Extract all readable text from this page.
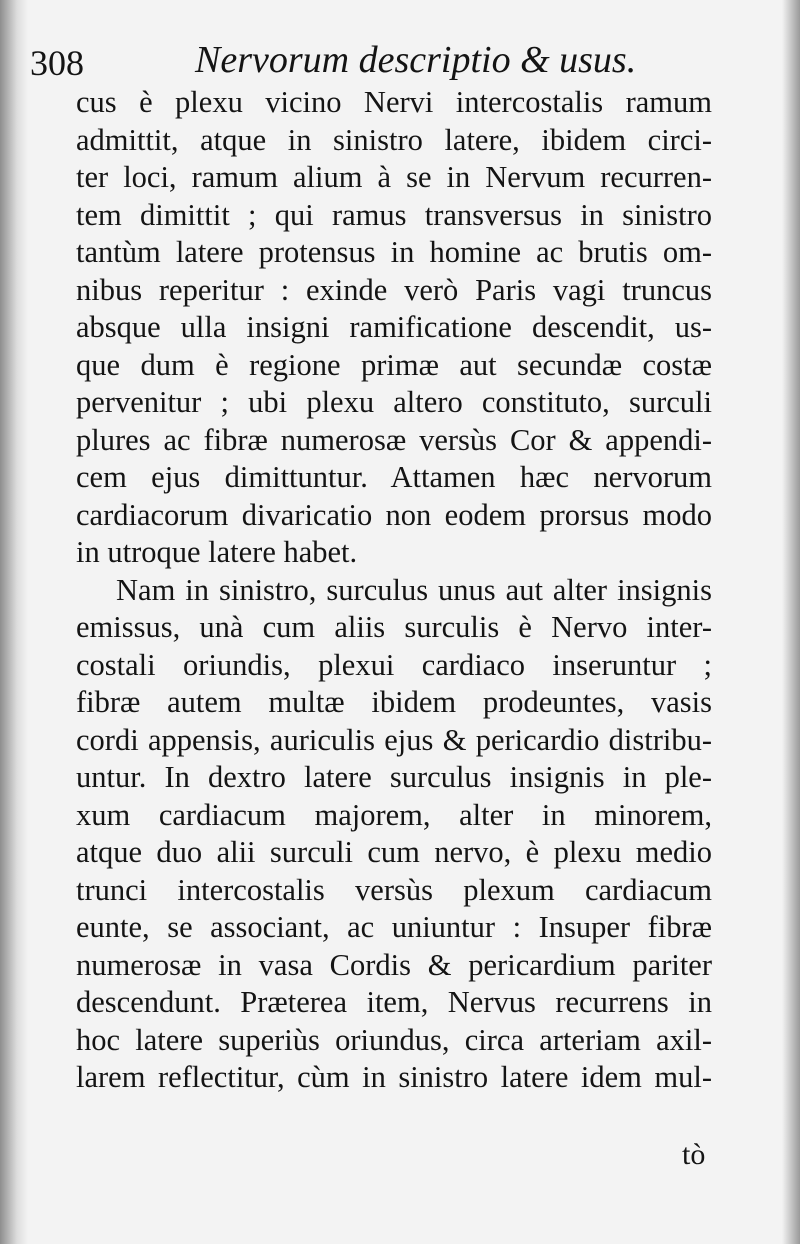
308	Nervorum descriptio & usus.
cus è plexu vicino Nervi intercostalis ramum
admittit, atque in sinistro latere, ibidem circi-
ter loci, ramum alium à se in Nervum recurren-
tem dimittit ; qui ramus transversus in sinistro
tantùm latere protensus in homine ac brutis om-
nibus reperitur : exinde verò Paris vagi truncus
absque ulla insigni ramificatione descendit, us-
que dum è regione primæ aut secundæ costæ
pervenitur ; ubi plexu altero constituto, surculi
plures ac fibræ numerosæ versùs Cor & appendi-
cem ejus dimittuntur. Attamen hæc nervorum
cardiacorum divaricatio non eodem prorsus modo
in utroque latere habet.
Nam in sinistro, surculus unus aut alter insignis
emissus, unà cum aliis surculis è Nervo inter-
costali oriundis, plexui cardiaco inseruntur ;
fibræ autem multæ ibidem prodeuntes, vasis
cordi appensis, auriculis ejus & pericardio distribu-
untur. In dextro latere surculus insignis in ple-
xum cardiacum majorem, alter in minorem,
atque duo alii surculi cum nervo, è plexu medio
trunci intercostalis versùs plexum cardiacum
eunte, se associant, ac uniuntur : Insuper fibræ
numerosæ in vasa Cordis & pericardium pariter
descendunt. Præterea item, Nervus recurrens in
hoc latere superiùs oriundus, circa arteriam axil-
larem reflectitur, cùm in sinistro latere idem mul-
tò
